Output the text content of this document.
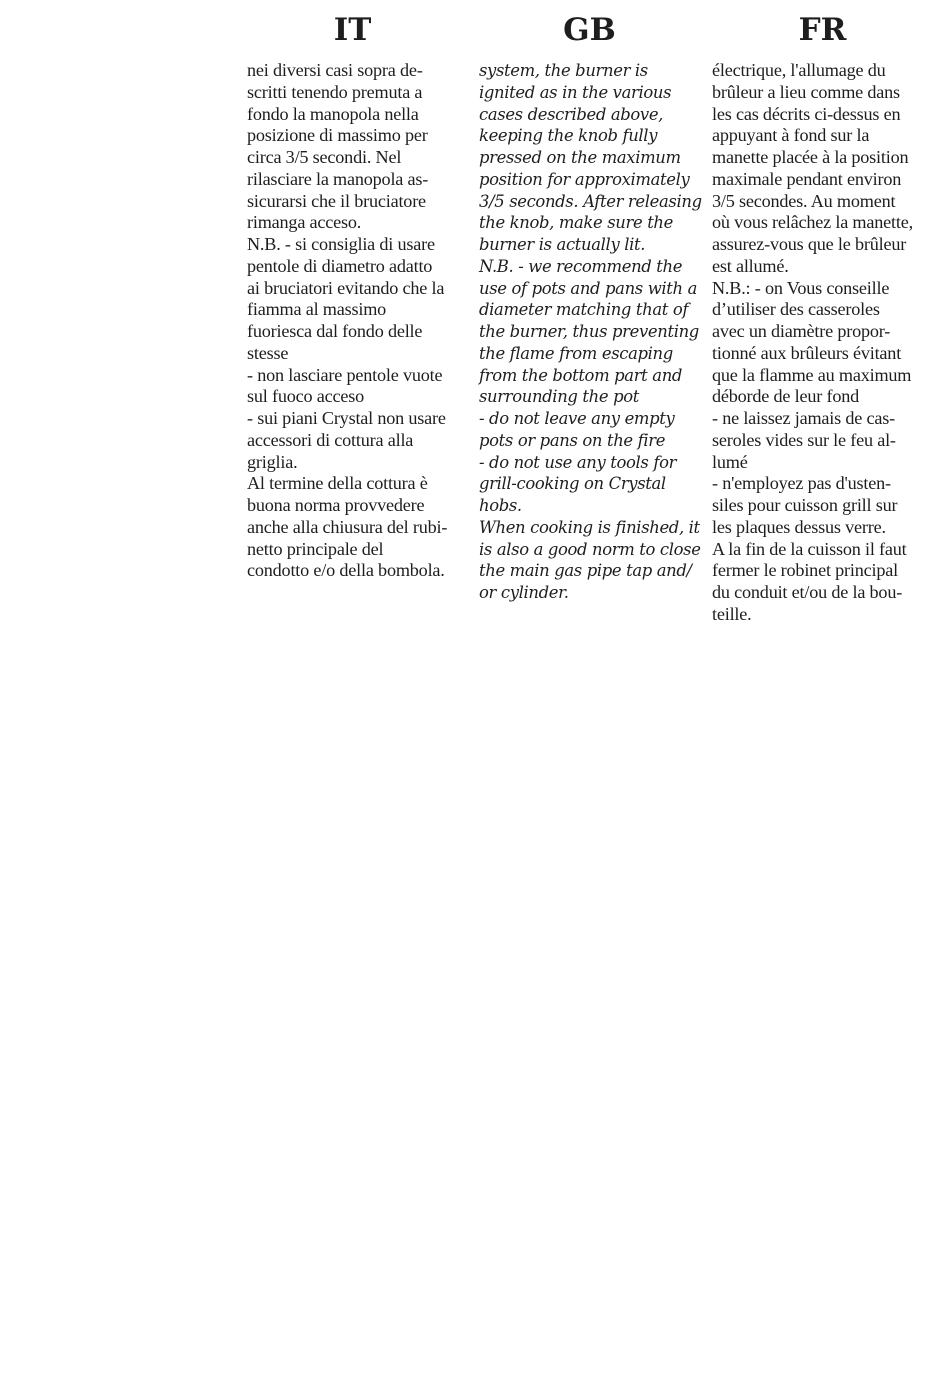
IT
nei diversi casi sopra de-
scritti tenendo premuta a
fondo la manopola nella
posizione di massimo per
circa 3/5 secondi. Nel
rilasciare la manopola as-
sicurarsi che il bruciatore
rimanga acceso.
N.B. - si consiglia di usare
pentole di diametro adatto
ai bruciatori evitando che la
fiamma al massimo
fuoriesca dal fondo delle
stesse
- non lasciare pentole vuote
sul fuoco acceso
- sui piani Crystal non usare
accessori di cottura alla
griglia.
Al termine della cottura è
buona norma provvedere
anche alla chiusura del rubi-
netto principale del
condotto e/o della bombola.
GB
system, the burner is
ignited as in the various
cases described above,
keeping the knob fully
pressed on the maximum
position for approximately
3/5 seconds. After releasing
the knob, make sure the
burner is actually lit.
N.B. - we recommend the
use of pots and pans with a
diameter matching that of
the burner, thus preventing
the flame from escaping
from the bottom part and
surrounding the pot
- do not leave any empty
pots or pans on the fire
- do not use any tools for
grill-cooking on Crystal
hobs.
When cooking is finished, it
is also a good norm to close
the main gas pipe tap and/
or cylinder.
FR
électrique, l'allumage du
brûleur a lieu comme dans
les cas décrits ci-dessus en
appuyant à fond sur la
manette placée à la position
maximale pendant environ
3/5 secondes. Au moment
où vous relâchez la manette,
assurez-vous que le brûleur
est allumé.
N.B.: - on Vous conseille
d’utiliser des casseroles
avec un diamètre propor-
tionné aux brûleurs évitant
que la flamme au maximum
déborde de leur fond
- ne laissez jamais de cas-
seroles vides sur le feu al-
lumé
- n'employez pas d'usten-
siles pour cuisson grill sur
les plaques dessus verre.
A la fin de la cuisson il faut
fermer le robinet principal
du conduit et/ou de la bou-
teille.
